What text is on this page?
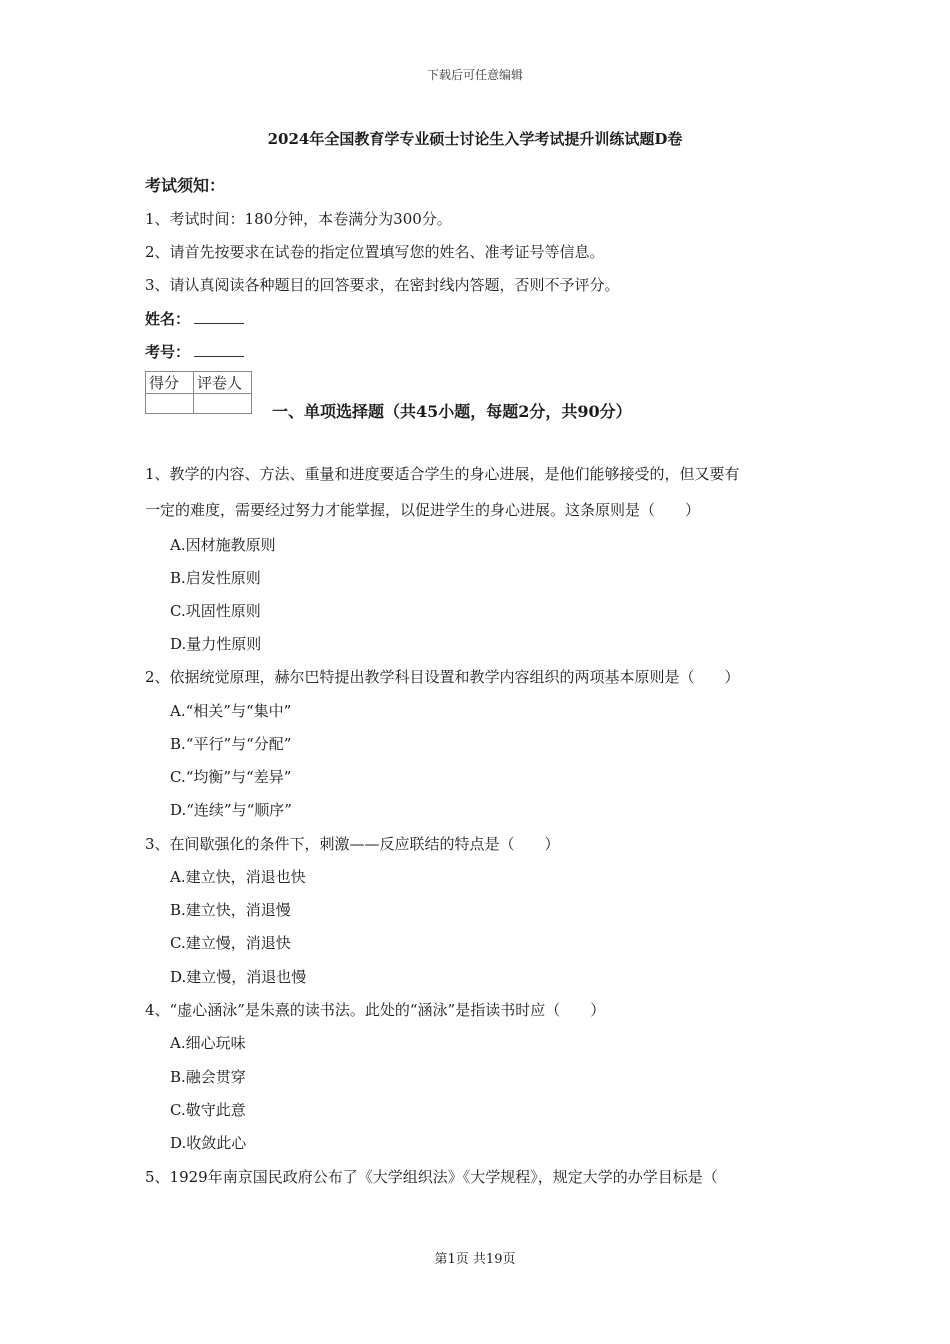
下载后可任意编辑
2024年全国教育学专业硕士讨论生入学考试提升训练试题D卷
考试须知：
1、考试时间：180分钟，本卷满分为300分。
2、请首先按要求在试卷的指定位置填写您的姓名、准考证号等信息。
3、请认真阅读各种题目的回答要求，在密封线内答题，否则不予评分。
姓名：
考号：
得分	评卷人

一、单项选择题（共45小题，每题2分，共90分）
1、教学的内容、方法、重量和进度要适合学生的身心进展，是他们能够接受的，但又要有
一定的难度，需要经过努力才能掌握，以促进学生的身心进展。这条原则是（　　）
A.因材施教原则
B.启发性原则
C.巩固性原则
D.量力性原则
2、依据统觉原理，赫尔巴特提出教学科目设置和教学内容组织的两项基本原则是（　　）
A.“相关”与“集中”
B.“平行”与“分配”
C.“均衡”与“差异”
D.“连续”与“顺序”
3、在间歇强化的条件下，刺激——反应联结的特点是（　　）
A.建立快，消退也快
B.建立快，消退慢
C.建立慢，消退快
D.建立慢，消退也慢
4、“虚心涵泳”是朱熹的读书法。此处的“涵泳”是指读书时应（　　）
A.细心玩味
B.融会贯穿
C.敬守此意
D.收敛此心
5、1929年南京国民政府公布了《大学组织法》《大学规程》，规定大学的办学目标是（
第1页 共19页
